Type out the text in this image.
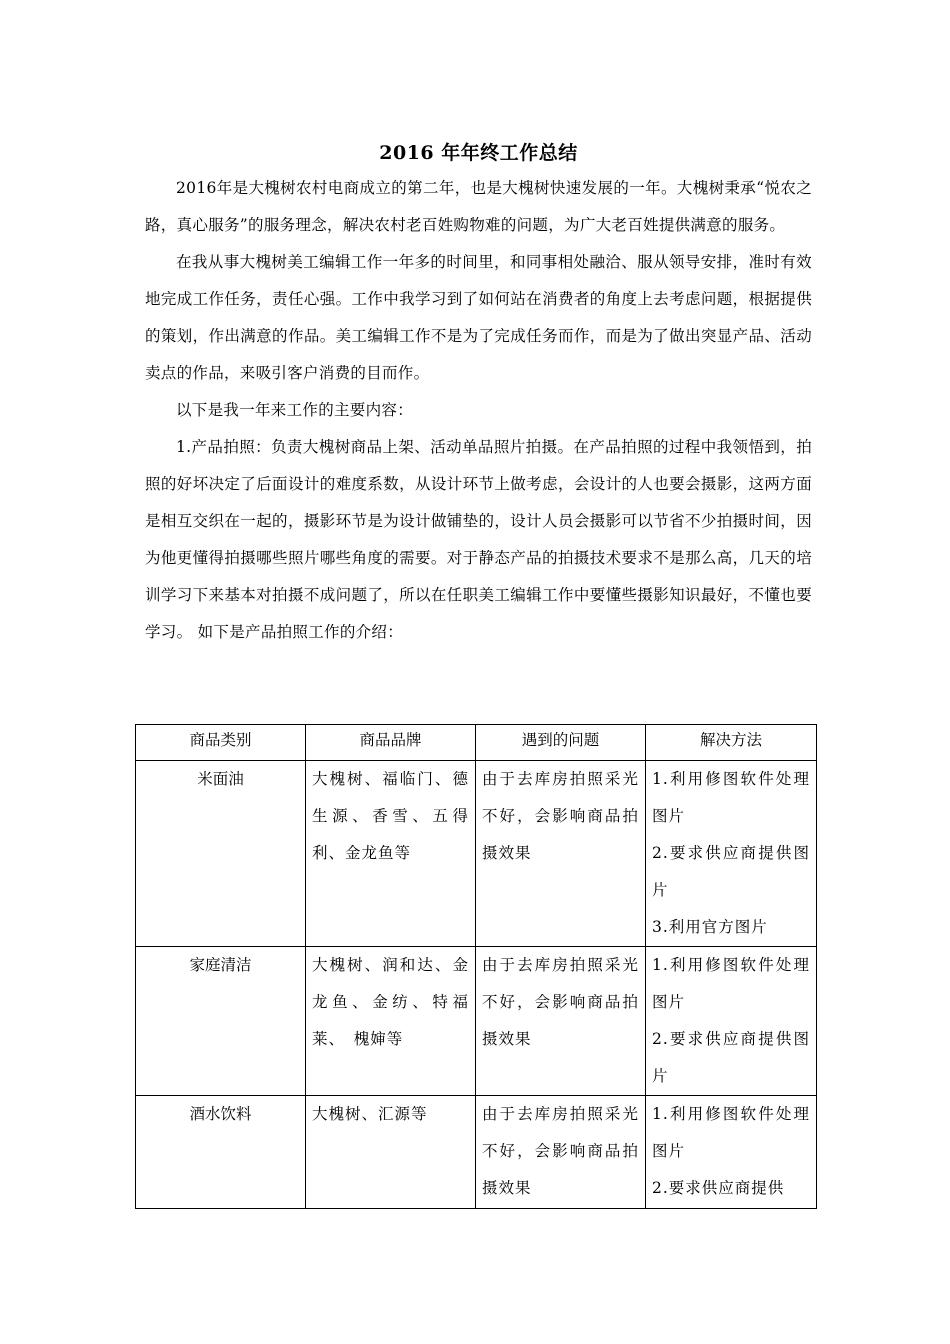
2016 年年终工作总结

2016年是大槐树农村电商成立的第二年，也是大槐树快速发展的一年。大槐树秉承“悦农之路，真心服务”的服务理念，解决农村老百姓购物难的问题，为广大老百姓提供满意的服务。

在我从事大槐树美工编辑工作一年多的时间里，和同事相处融洽、服从领导安排，准时有效地完成工作任务，责任心强。工作中我学习到了如何站在消费者的角度上去考虑问题，根据提供的策划，作出满意的作品。美工编辑工作不是为了完成任务而作，而是为了做出突显产品、活动卖点的作品，来吸引客户消费的目而作。

以下是我一年来工作的主要内容：

1.产品拍照：负责大槐树商品上架、活动单品照片拍摄。在产品拍照的过程中我领悟到，拍照的好坏决定了后面设计的难度系数，从设计环节上做考虑，会设计的人也要会摄影，这两方面是相互交织在一起的，摄影环节是为设计做铺垫的，设计人员会摄影可以节省不少拍摄时间，因为他更懂得拍摄哪些照片哪些角度的需要。对于静态产品的拍摄技术要求不是那么高，几天的培训学习下来基本对拍摄不成问题了，所以在任职美工编辑工作中要懂些摄影知识最好，不懂也要学习。 如下是产品拍照工作的介绍：

商品类别	商品品牌	遇到的问题	解决方法
米面油	大槐树、福临门、德生源、香雪、五得利、金龙鱼等	由于去库房拍照采光不好，会影响商品拍摄效果	1.利用修图软件处理图片
2.要求供应商提供图片
3.利用官方图片

家庭清洁	大槐树、润和达、金龙鱼、金纺、特福莱、　槐婶等	由于去库房拍照采光不好，会影响商品拍摄效果	1.利用修图软件处理图片
2.要求供应商提供图片

酒水饮料	大槐树、汇源等	由于去库房拍照采光不好，会影响商品拍摄效果	1.利用修图软件处理图片
2.要求供应商提供
